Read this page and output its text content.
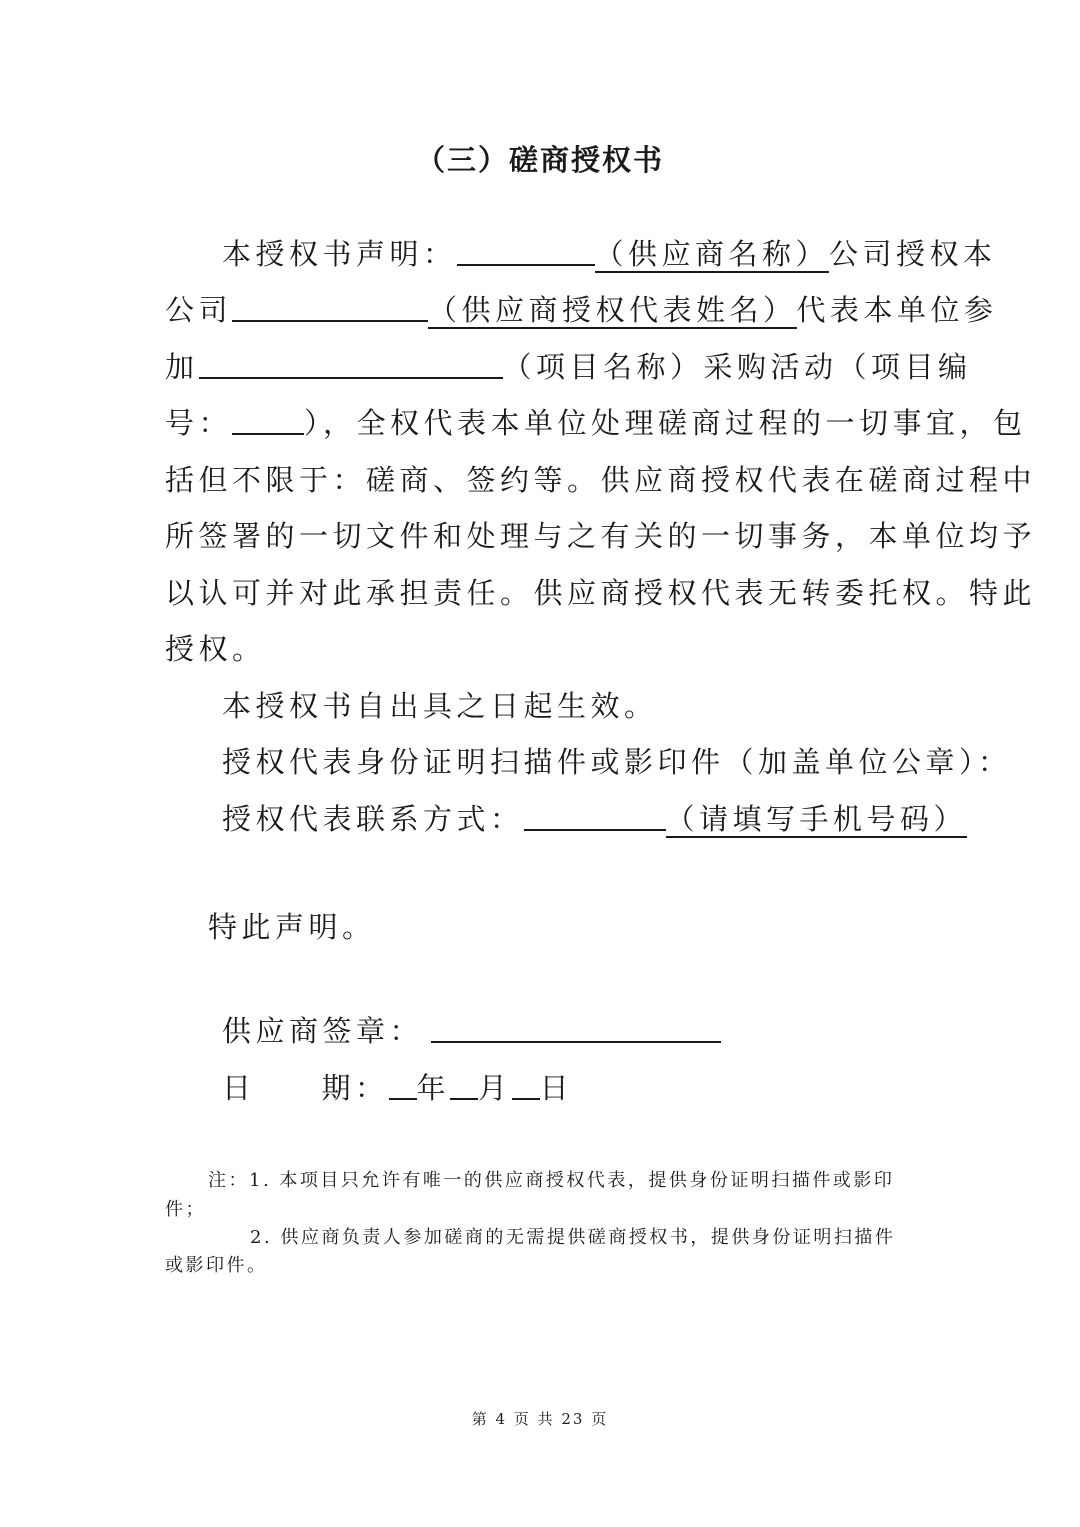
（三）磋商授权书
本授权书声明：	（供应商名称）公司授权本
公司	（供应商授权代表姓名）代表本单位参
加	（项目名称）采购活动（项目编
号： ），全权代表本单位处理磋商过程的一切事宜，包
括但不限于：磋商、签约等。供应商授权代表在磋商过程中
所签署的一切文件和处理与之有关的一切事务，本单位均予
以认可并对此承担责任。供应商授权代表无转委托权。特此
授权。
本授权书自出具之日起生效。
授权代表身份证明扫描件或影印件（加盖单位公章）：
授权代表联系方式：	（请填写手机号码）
特此声明。
供应商签章：
日 期： 年 月 日
注：1. 本项目只允许有唯一的供应商授权代表，提供身份证明扫描件或影印
件；
2. 供应商负责人参加磋商的无需提供磋商授权书，提供身份证明扫描件
或影印件。
第 4 页 共 23 页
